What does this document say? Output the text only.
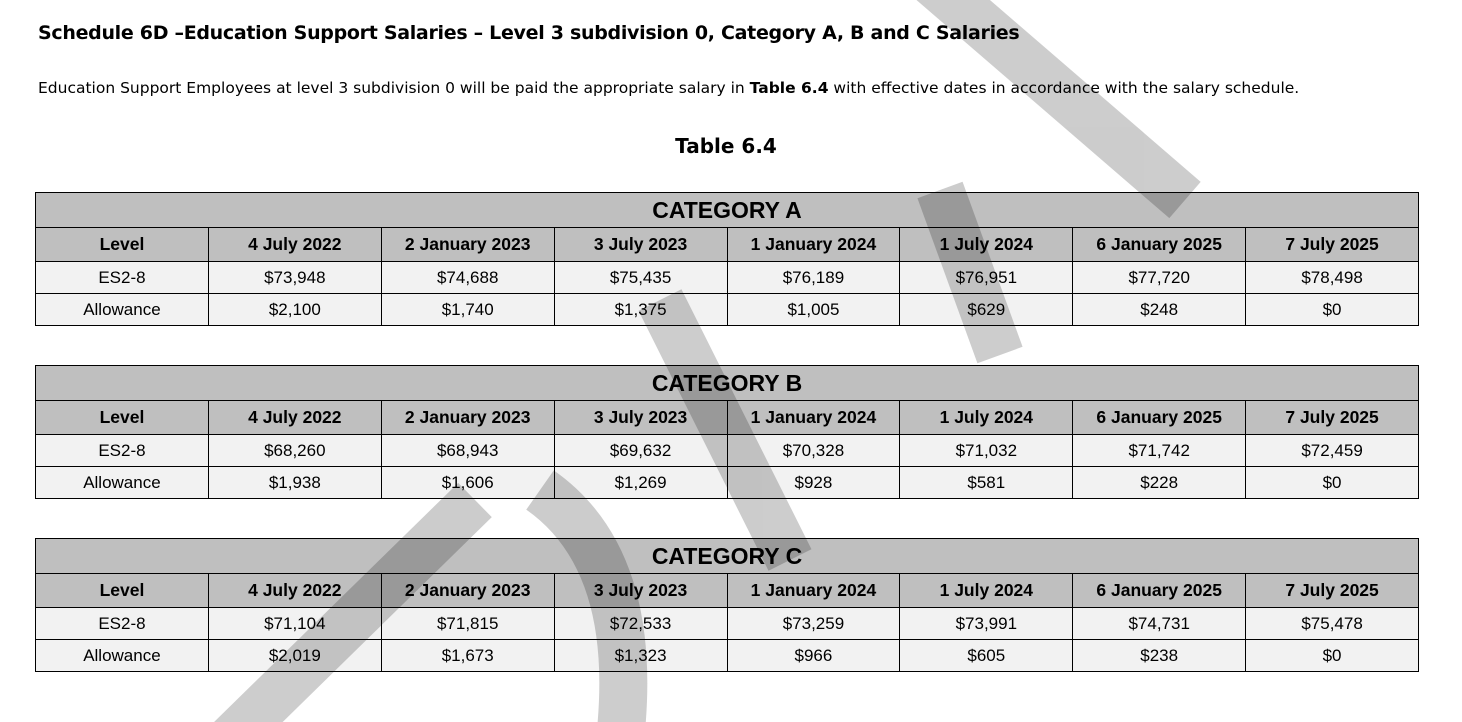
Schedule 6D –Education Support Salaries – Level 3 subdivision 0, Category A, B and C Salaries
Education Support Employees at level 3 subdivision 0 will be paid the appropriate salary in Table 6.4 with effective dates in accordance with the salary schedule.
Table 6.4
CATEGORY A							
Level	4 July 2022	2 January 2023	3 July 2023	1 January 2024	1 July 2024	6 January 2025	7 July 2025
ES2-8	$73,948	$74,688	$75,435	$76,189	$76,951	$77,720	$78,498
Allowance	$2,100	$1,740	$1,375	$1,005	$629	$248	$0
CATEGORY B							
Level	4 July 2022	2 January 2023	3 July 2023	1 January 2024	1 July 2024	6 January 2025	7 July 2025
ES2-8	$68,260	$68,943	$69,632	$70,328	$71,032	$71,742	$72,459
Allowance	$1,938	$1,606	$1,269	$928	$581	$228	$0
CATEGORY C							
Level	4 July 2022	2 January 2023	3 July 2023	1 January 2024	1 July 2024	6 January 2025	7 July 2025
ES2-8	$71,104	$71,815	$72,533	$73,259	$73,991	$74,731	$75,478
Allowance	$2,019	$1,673	$1,323	$966	$605	$238	$0
